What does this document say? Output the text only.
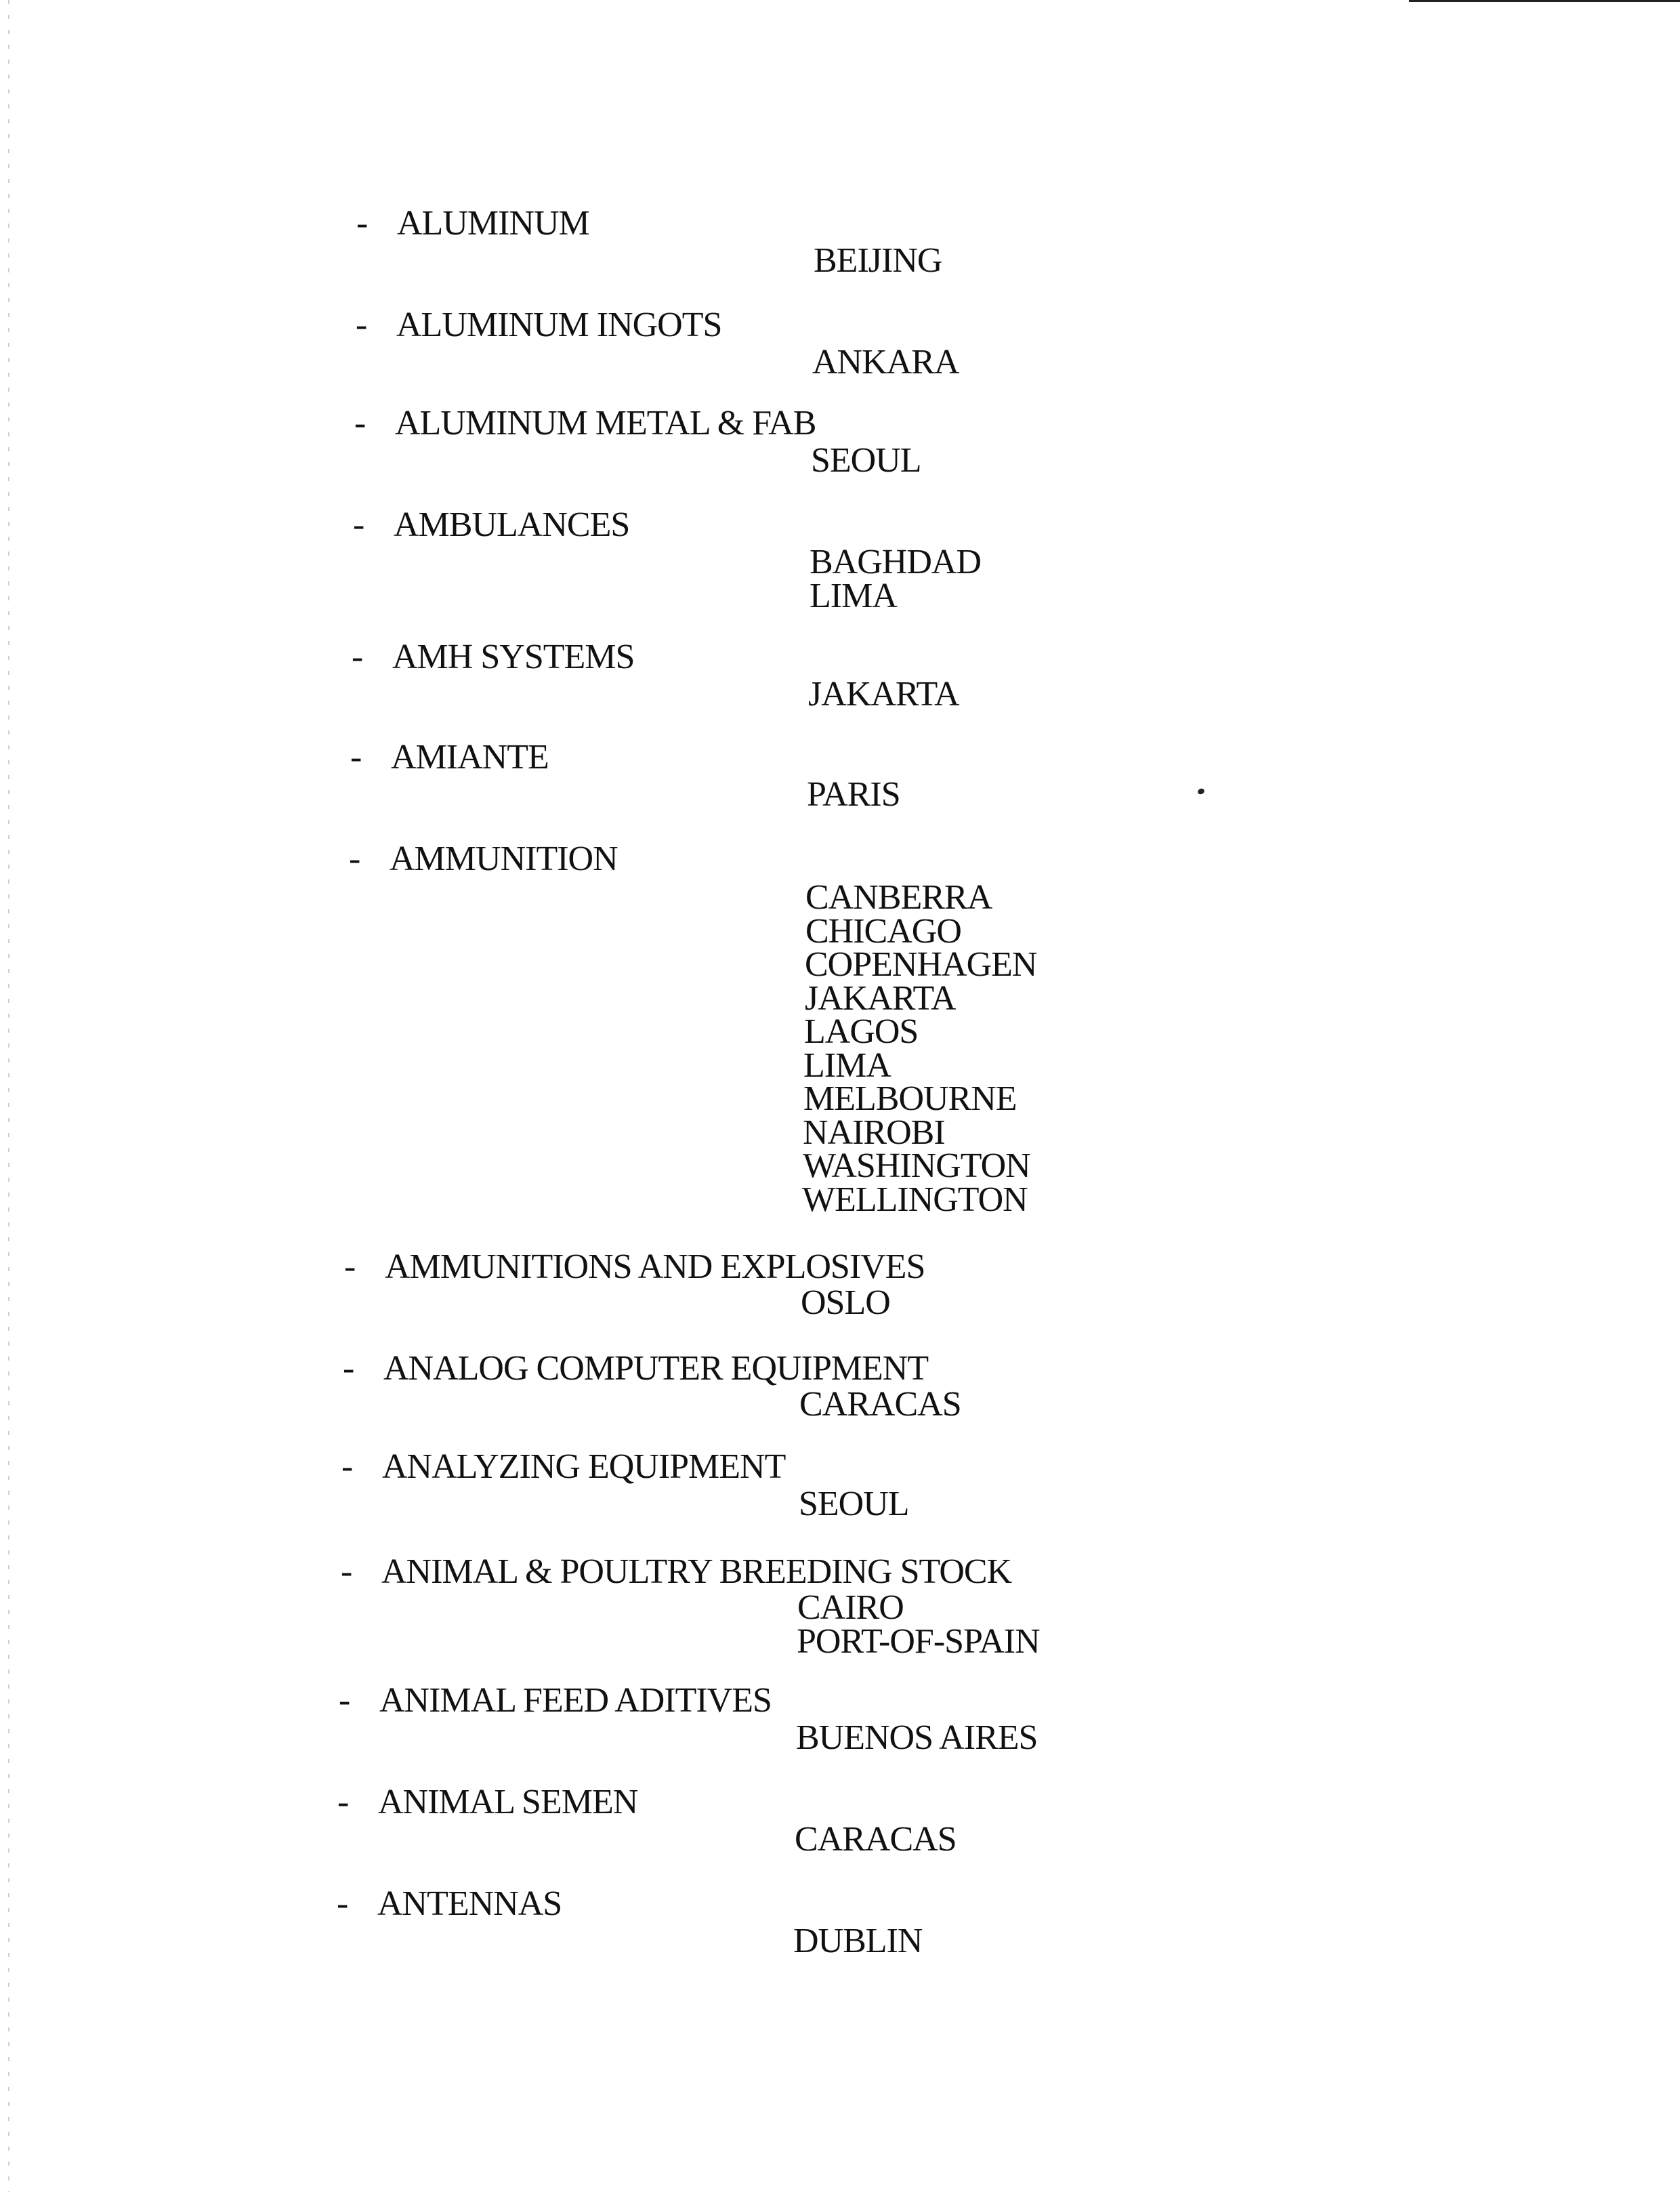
- ALUMINUM
BEIJING
- ALUMINUM INGOTS
ANKARA
- ALUMINUM METAL & FAB
SEOUL
- AMBULANCES
BAGHDAD
LIMA
- AMH SYSTEMS
JAKARTA
- AMIANTE
PARIS
- AMMUNITION
CANBERRA
CHICAGO
COPENHAGEN
JAKARTA
LAGOS
LIMA
MELBOURNE
NAIROBI
WASHINGTON
WELLINGTON
- AMMUNITIONS AND EXPLOSIVES
OSLO
- ANALOG COMPUTER EQUIPMENT
CARACAS
- ANALYZING EQUIPMENT
SEOUL
- ANIMAL & POULTRY BREEDING STOCK
CAIRO
PORT-OF-SPAIN
- ANIMAL FEED ADITIVES
BUENOS AIRES
- ANIMAL SEMEN
CARACAS
- ANTENNAS
DUBLIN
